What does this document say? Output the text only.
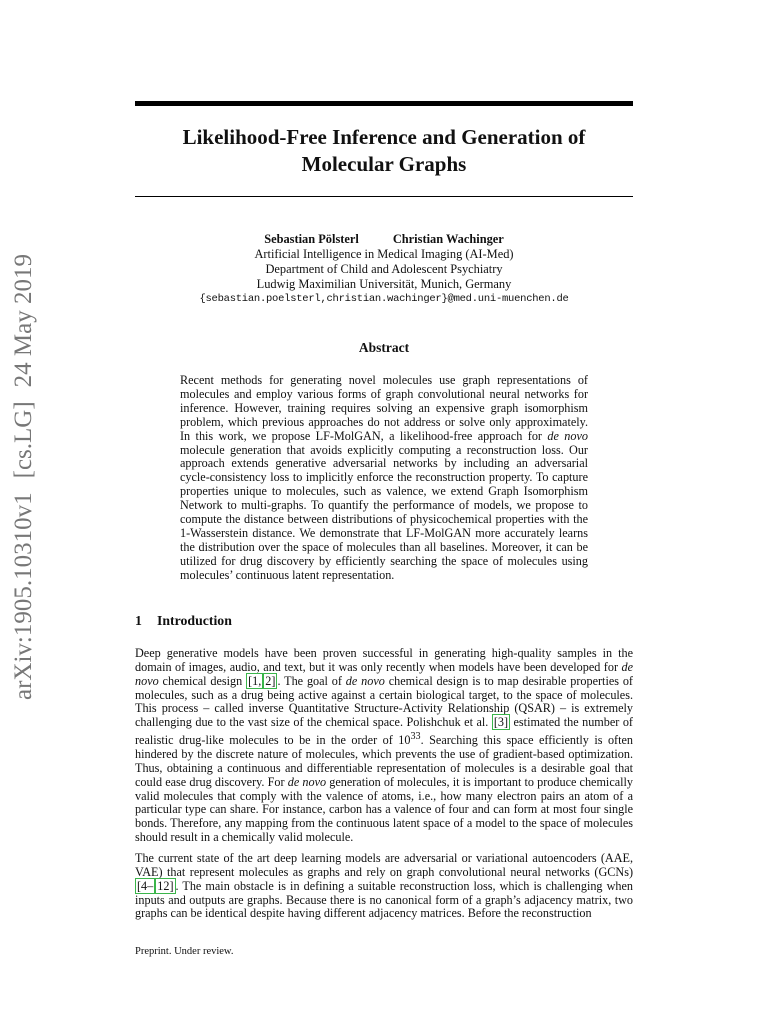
arXiv:1905.10310v1[cs.LG]24 May 2019
Likelihood-Free Inference and Generation of
Molecular Graphs
Sebastian Pölsterl	Christian Wachinger
Artificial Intelligence in Medical Imaging (AI-Med)
Department of Child and Adolescent Psychiatry
Ludwig Maximilian Universität, Munich, Germany
{sebastian.poelsterl,christian.wachinger}@med.uni-muenchen.de
Abstract

Recent methods for generating novel molecules use graph representations of molecules and employ various forms of graph convolutional neural networks for inference. However, training requires solving an expensive graph isomorphism problem, which previous approaches do not address or solve only approximately. In this work, we propose LF-MolGAN, a likelihood-free approach for de novo molecule generation that avoids explicitly computing a reconstruction loss. Our approach extends generative adversarial networks by including an adversarial cycle-consistency loss to implicitly enforce the reconstruction property. To capture properties unique to molecules, such as valence, we extend Graph Isomorphism Network to multi-graphs. To quantify the performance of models, we propose to compute the distance between distributions of physicochemical properties with the 1-Wasserstein distance. We demonstrate that LF-MolGAN more accurately learns the distribution over the space of molecules than all baselines. Moreover, it can be utilized for drug discovery by efficiently searching the space of molecules using molecules’ continuous latent representation.

1 Introduction

Deep generative models have been proven successful in generating high-quality samples in the domain of images, audio, and text, but it was only recently when models have been developed for de novo chemical design [1, 2] . The goal of de novo chemical design is to map desirable properties of molecules, such as a drug being active against a certain biological target, to the space of molecules. This process – called inverse Quantitative Structure-Activity Relationship (QSAR) – is extremely challenging due to the vast size of the chemical space. Polishchuk et al. [3] estimated the number of realistic drug-like molecules to be in the order of $10^{33}$. Searching this space efficiently is often hindered by the discrete nature of molecules, which prevents the use of gradient-based optimization. Thus, obtaining a continuous and differentiable representation of molecules is a desirable goal that could ease drug discovery. For de novo generation of molecules, it is important to produce chemically valid molecules that comply with the valence of atoms, i.e., how many electron pairs an atom of a particular type can share. For instance, carbon has a valence of four and can form at most four single bonds. Therefore, any mapping from the continuous latent space of a model to the space of molecules should result in a chemically valid molecule.

The current state of the art deep learning models are adversarial or variational autoencoders (AAE, VAE) that represent molecules as graphs and rely on graph convolutional neural networks (GCNs) [4– 12] . The main obstacle is in defining a suitable reconstruction loss, which is challenging when inputs and outputs are graphs. Because there is no canonical form of a graph’s adjacency matrix, two graphs can be identical despite having different adjacency matrices. Before the reconstruction

Preprint. Under review.
